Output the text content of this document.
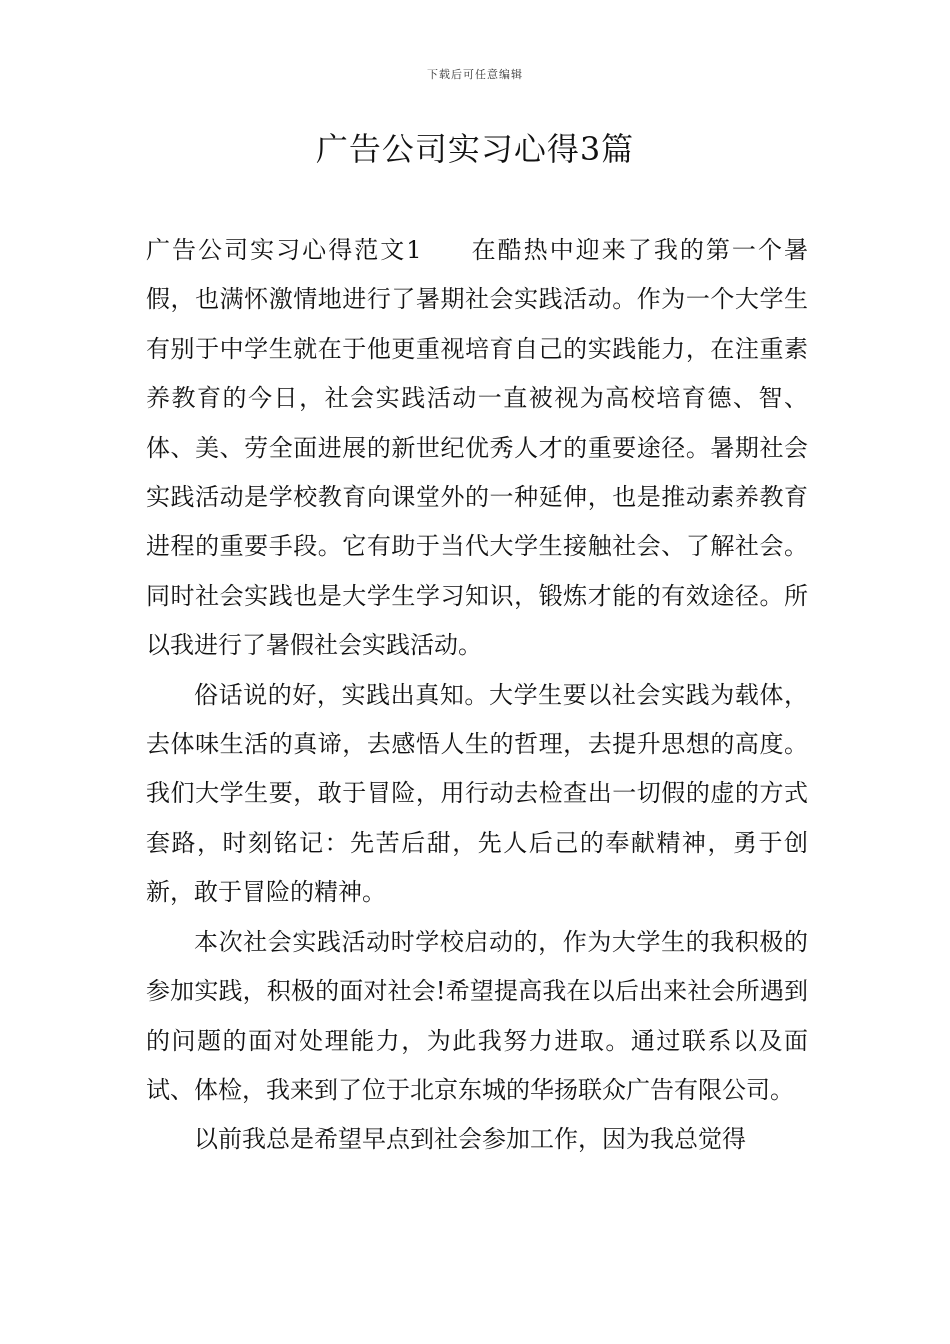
下载后可任意编辑
广告公司实习心得3篇

广告公司实习心得范文1 在酷热中迎来了我的第一个暑假，也满怀激情地进行了暑期社会实践活动。作为一个大学生有别于中学生就在于他更重视培育自己的实践能力，在注重素养教育的今日，社会实践活动一直被视为高校培育德、智、体、美、劳全面进展的新世纪优秀人才的重要途径。暑期社会实践活动是学校教育向课堂外的一种延伸，也是推动素养教育进程的重要手段。它有助于当代大学生接触社会、了解社会。同时社会实践也是大学生学习知识，锻炼才能的有效途径。所以我进行了暑假社会实践活动。

俗话说的好，实践出真知。大学生要以社会实践为载体，去体味生活的真谛，去感悟人生的哲理，去提升思想的高度。我们大学生要，敢于冒险，用行动去检查出一切假的虚的方式套路，时刻铭记：先苦后甜，先人后己的奉献精神，勇于创新，敢于冒险的精神。

本次社会实践活动时学校启动的，作为大学生的我积极的参加实践，积极的面对社会!希望提高我在以后出来社会所遇到的问题的面对处理能力，为此我努力进取。通过联系以及面试、体检，我来到了位于北京东城的华扬联众广告有限公司。

以前我总是希望早点到社会参加工作，因为我总觉得
